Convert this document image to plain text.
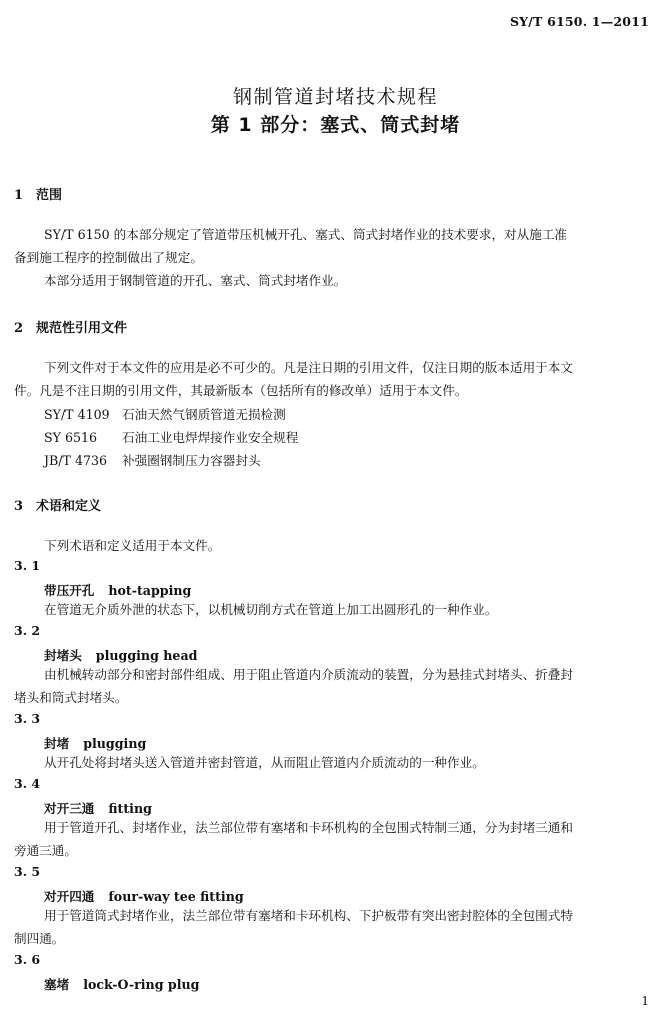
SY/T 6150. 1—2011
钢制管道封堵技术规程
第 1 部分：塞式、筒式封堵
1 范围
SY/T 6150 的本部分规定了管道带压机械开孔、塞式、筒式封堵作业的技术要求，对从施工准
备到施工程序的控制做出了规定。
本部分适用于钢制管道的开孔、塞式、筒式封堵作业。
2 规范性引用文件
下列文件对于本文件的应用是必不可少的。凡是注日期的引用文件，仅注日期的版本适用于本文
件。凡是不注日期的引用文件，其最新版本（包括所有的修改单）适用于本文件。
SY/T 4109 石油天然气钢质管道无损检测
SY 6516 石油工业电焊焊接作业安全规程
JB/T 4736 补强圈钢制压力容器封头
3 术语和定义
下列术语和定义适用于本文件。
3. 1
带压开孔 hot-tapping
在管道无介质外泄的状态下，以机械切削方式在管道上加工出圆形孔的一种作业。
3. 2
封堵头 plugging head
由机械转动部分和密封部件组成、用于阻止管道内介质流动的装置，分为悬挂式封堵头、折叠封
堵头和筒式封堵头。
3. 3
封堵 plugging
从开孔处将封堵头送入管道并密封管道，从而阻止管道内介质流动的一种作业。
3. 4
对开三通 fitting
用于管道开孔、封堵作业，法兰部位带有塞堵和卡环机构的全包围式特制三通，分为封堵三通和
旁通三通。
3. 5
对开四通 four-way tee fitting
用于管道筒式封堵作业，法兰部位带有塞堵和卡环机构、下护板带有突出密封腔体的全包围式特
制四通。
3. 6
塞堵 lock-O-ring plug
1
